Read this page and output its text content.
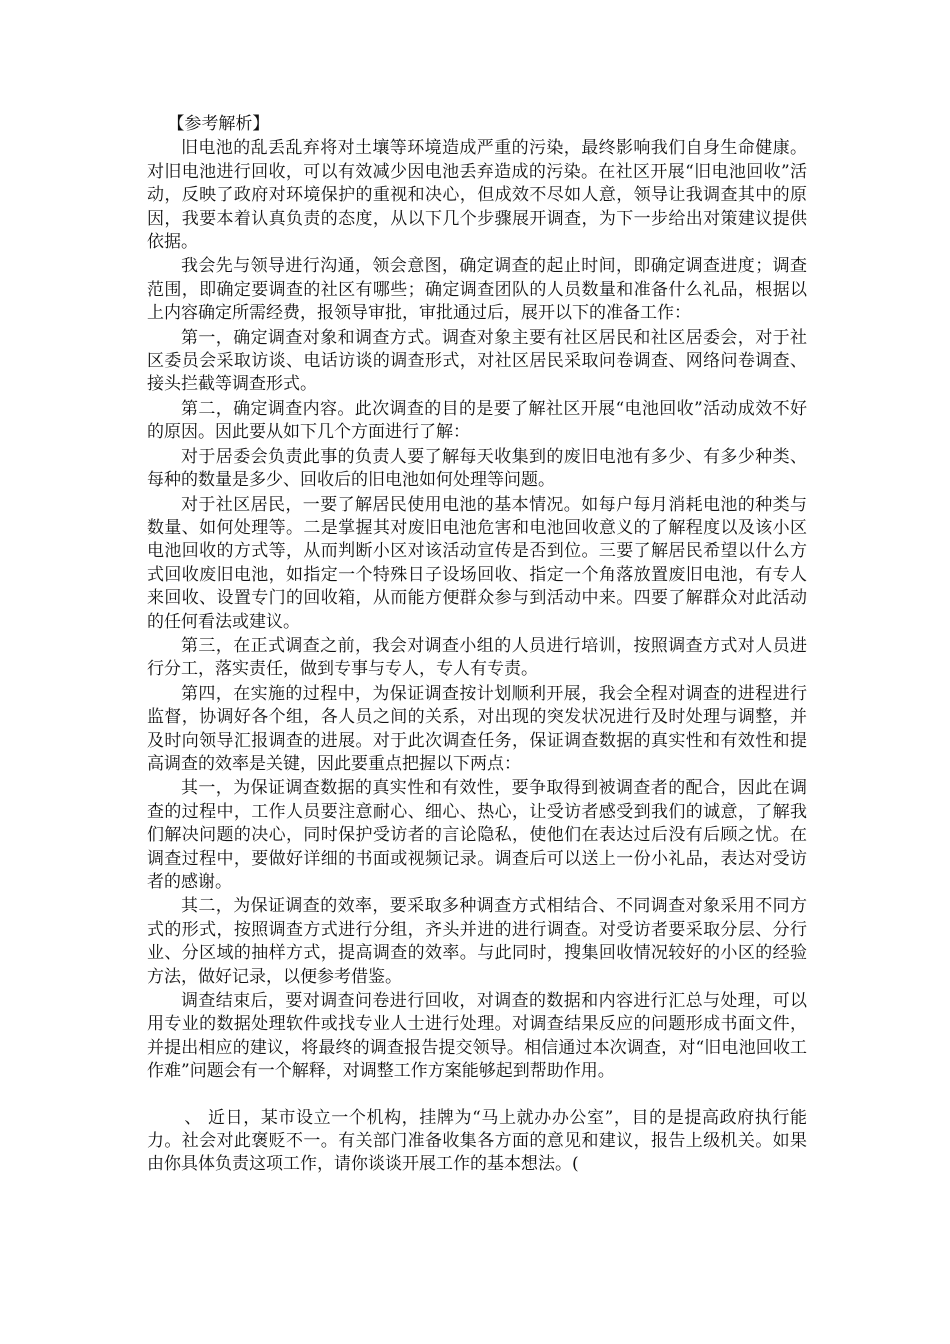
【参考解析】

旧电池的乱丢乱弃将对土壤等环境造成严重的污染，最终影响我们自身生命健康。对旧电池进行回收，可以有效减少因电池丢弃造成的污染。在社区开展“旧电池回收”活动，反映了政府对环境保护的重视和决心，但成效不尽如人意，领导让我调查其中的原因，我要本着认真负责的态度，从以下几个步骤展开调查，为下一步给出对策建议提供依据。

我会先与领导进行沟通，领会意图，确定调查的起止时间，即确定调查进度；调查范围，即确定要调查的社区有哪些；确定调查团队的人员数量和准备什么礼品，根据以上内容确定所需经费，报领导审批，审批通过后，展开以下的准备工作：

第一，确定调查对象和调查方式。调查对象主要有社区居民和社区居委会，对于社区委员会采取访谈、电话访谈的调查形式，对社区居民采取问卷调查、网络问卷调查、接头拦截等调查形式。

第二，确定调查内容。此次调查的目的是要了解社区开展“电池回收”活动成效不好的原因。因此要从如下几个方面进行了解：

对于居委会负责此事的负责人要了解每天收集到的废旧电池有多少、有多少种类、每种的数量是多少、回收后的旧电池如何处理等问题。

对于社区居民，一要了解居民使用电池的基本情况。如每户每月消耗电池的种类与数量、如何处理等。二是掌握其对废旧电池危害和电池回收意义的了解程度以及该小区电池回收的方式等，从而判断小区对该活动宣传是否到位。三要了解居民希望以什么方式回收废旧电池，如指定一个特殊日子设场回收、指定一个角落放置废旧电池，有专人来回收、设置专门的回收箱，从而能方便群众参与到活动中来。四要了解群众对此活动的任何看法或建议。

第三，在正式调查之前，我会对调查小组的人员进行培训，按照调查方式对人员进行分工，落实责任，做到专事与专人，专人有专责。

第四，在实施的过程中，为保证调查按计划顺利开展，我会全程对调查的进程进行监督，协调好各个组，各人员之间的关系，对出现的突发状况进行及时处理与调整，并及时向领导汇报调查的进展。对于此次调查任务，保证调查数据的真实性和有效性和提高调查的效率是关键，因此要重点把握以下两点：

其一，为保证调查数据的真实性和有效性，要争取得到被调查者的配合，因此在调查的过程中，工作人员要注意耐心、细心、热心，让受访者感受到我们的诚意，了解我们解决问题的决心，同时保护受访者的言论隐私，使他们在表达过后没有后顾之忧。在调查过程中，要做好详细的书面或视频记录。调查后可以送上一份小礼品，表达对受访者的感谢。

其二，为保证调查的效率，要采取多种调查方式相结合、不同调查对象采用不同方式的形式，按照调查方式进行分组，齐头并进的进行调查。对受访者要采取分层、分行业、分区域的抽样方式，提高调查的效率。与此同时，搜集回收情况较好的小区的经验方法，做好记录，以便参考借鉴。

调查结束后，要对调查问卷进行回收，对调查的数据和内容进行汇总与处理，可以用专业的数据处理软件或找专业人士进行处理。对调查结果反应的问题形成书面文件，并提出相应的建议，将最终的调查报告提交领导。相信通过本次调查，对“旧电池回收工作难”问题会有一个解释，对调整工作方案能够起到帮助作用。

、 近日，某市设立一个机构，挂牌为“马上就办办公室”，目的是提高政府执行能力。社会对此褒贬不一。有关部门准备收集各方面的意见和建议，报告上级机关。如果由你具体负责这项工作，请你谈谈开展工作的基本想法。(
